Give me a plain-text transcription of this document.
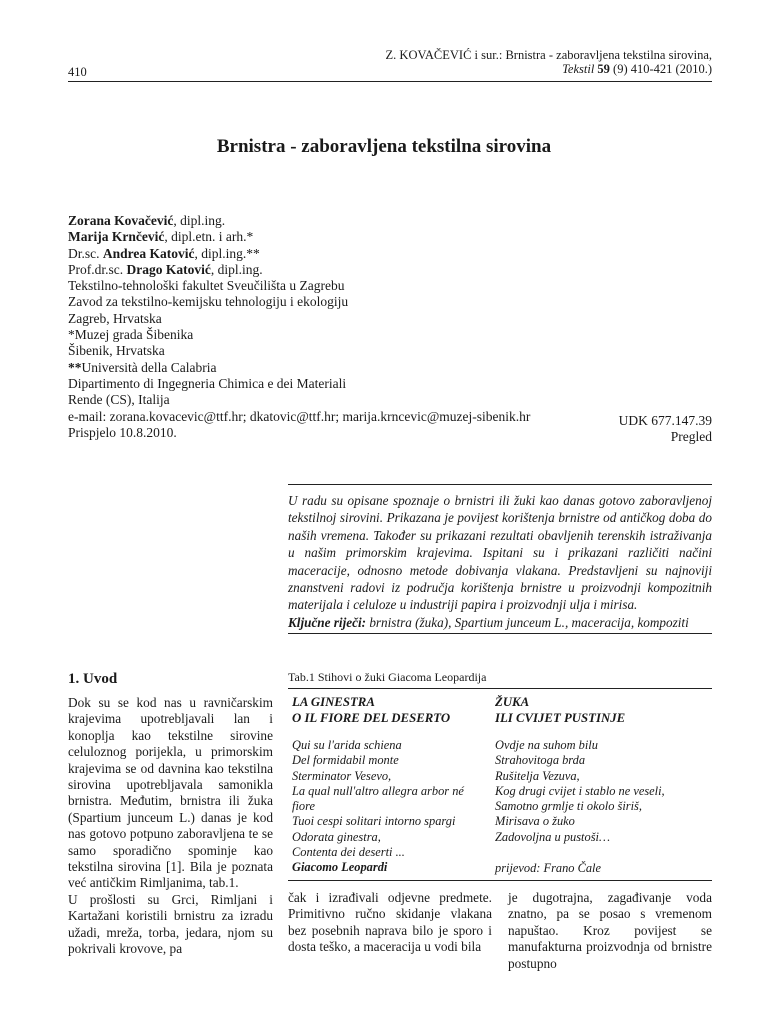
410
Z. KOVAČEVIĆ i sur.: Brnistra - zaboravljena tekstilna sirovina,
Tekstil 59 (9) 410-421 (2010.)
Brnistra - zaboravljena tekstilna sirovina
Zorana Kovačević, dipl.ing.
Marija Krnčević, dipl.etn. i arh.*
Dr.sc. Andrea Katović, dipl.ing.**
Prof.dr.sc. Drago Katović, dipl.ing.
Tekstilno-tehnološki fakultet Sveučilišta u Zagrebu
Zavod za tekstilno-kemijsku tehnologiju i ekologiju
Zagreb, Hrvatska
*Muzej grada Šibenika
Šibenik, Hrvatska
**Università della Calabria
Dipartimento di Ingegneria Chimica e dei Materiali
Rende (CS), Italija
e-mail: zorana.kovacevic@ttf.hr; dkatovic@ttf.hr; marija.krncevic@muzej-sibenik.hr
Prispjelo 10.8.2010.
UDK 677.147.39
Pregled
U radu su opisane spoznaje o brnistri ili žuki kao danas gotovo zaboravljenoj tekstilnoj sirovini. Prikazana je povijest korištenja brnistre od antičkog doba do naših vremena. Također su prikazani rezultati obavljenih terenskih istraživanja u našim primorskim krajevima. Ispitani su i prikazani različiti načini maceracije, odnosno metode dobivanja vlakana. Predstavljeni su najnoviji znanstveni radovi iz područja korištenja brnistre u proizvodnji kompozitnih materijala i celuloze u industriji papira i proizvodnji ulja i mirisa.
Ključne riječi: brnistra (žuka), Spartium junceum L., maceracija, kompoziti
1. Uvod

Dok su se kod nas u ravničarskim krajevima upotrebljavali lan i konoplja kao tekstilne sirovine celuloznog porijekla, u primorskim krajevima se od davnina kao tekstilna sirovina upotrebljavala samonikla brnistra. Međutim, brnistra ili žuka (Spartium junceum L.) danas je kod nas gotovo potpuno zaboravljena te se samo sporadično spominje kao tekstilna sirovina [1]. Bila je poznata već antičkim Rimljanima, tab.1.

U prošlosti su Grci, Rimljani i Kartažani koristili brnistru za izradu užadi, mreža, torba, jedara, njom su pokrivali krovove, pa

Tab.1 Stihovi o žuki Giacoma Leopardija
LA GINESTRA
O IL FIORE DEL DESERTO
Qui su l'arida schiena
Del formidabil monte
Sterminator Vesevo,
La qual null'altro allegra arbor né
fiore
Tuoi cespi solitari intorno spargi
Odorata ginestra,
Contenta dei deserti ...
Giacomo Leopardi
ŽUKA
ILI CVIJET PUSTINJE
Ovdje na suhom bilu
Strahovitoga brda
Rušitelja Vezuva,
Kog drugi cvijet i stablo ne veseli,
Samotno grmlje ti okolo širiš,
Mirisava o žuko
Zadovoljna u pustoši…
prijevod: Frano Čale

čak i izrađivali odjevne predmete. Primitivno ručno skidanje vlakana bez posebnih naprava bilo je sporo i dosta teško, a maceracija u vodi bila

je dugotrajna, zagađivanje voda znatno, pa se posao s vremenom napuštao. Kroz povijest se manufakturna proizvodnja od brnistre postupno
